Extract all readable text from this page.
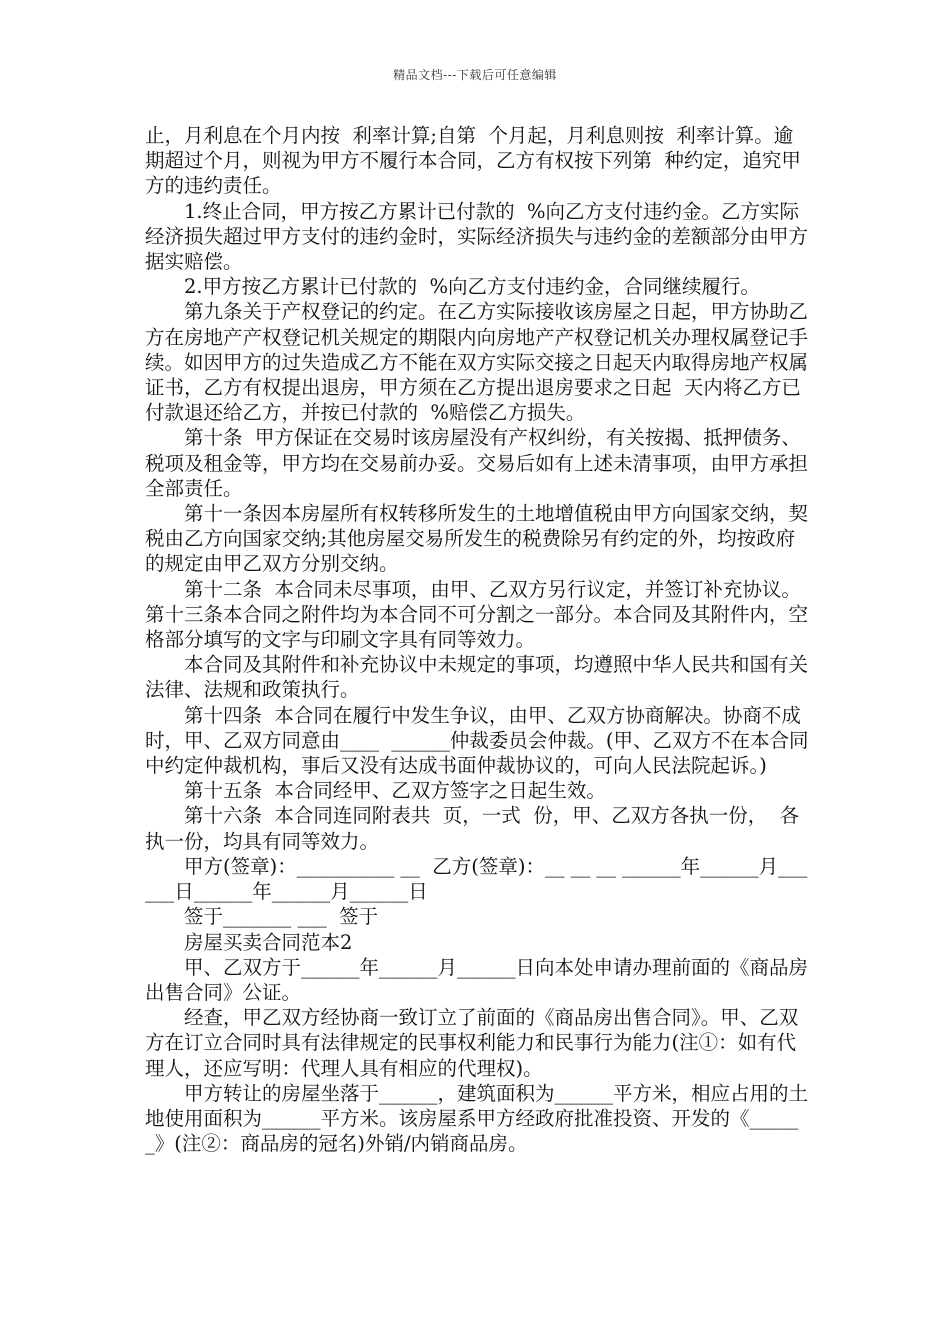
精品文档---下载后可任意编辑

止，月利息在个月内按  利率计算;自第  个月起，月利息则按  利率计算。逾期超过个月，则视为甲方不履行本合同，乙方有权按下列第  种约定，追究甲方的违约责任。

1.终止合同，甲方按乙方累计已付款的  %向乙方支付违约金。乙方实际经济损失超过甲方支付的违约金时，实际经济损失与违约金的差额部分由甲方据实赔偿。

2.甲方按乙方累计已付款的  %向乙方支付违约金，合同继续履行。

第九条关于产权登记的约定。在乙方实际接收该房屋之日起，甲方协助乙方在房地产产权登记机关规定的期限内向房地产产权登记机关办理权属登记手续。如因甲方的过失造成乙方不能在双方实际交接之日起天内取得房地产权属证书，乙方有权提出退房，甲方须在乙方提出退房要求之日起  天内将乙方已付款退还给乙方，并按已付款的  %赔偿乙方损失。

第十条  甲方保证在交易时该房屋没有产权纠纷，有关按揭、抵押债务、税项及租金等，甲方均在交易前办妥。交易后如有上述未清事项，由甲方承担全部责任。

第十一条因本房屋所有权转移所发生的土地增值税由甲方向国家交纳，契税由乙方向国家交纳;其他房屋交易所发生的税费除另有约定的外，均按政府的规定由甲乙双方分别交纳。

第十二条  本合同未尽事项，由甲、乙双方另行议定，并签订补充协议。  第十三条本合同之附件均为本合同不可分割之一部分。本合同及其附件内，空格部分填写的文字与印刷文字具有同等效力。

本合同及其附件和补充协议中未规定的事项，均遵照中华人民共和国有关法律、法规和政策执行。

第十四条  本合同在履行中发生争议，由甲、乙双方协商解决。协商不成时，甲、乙双方同意由____  ______仲裁委员会仲裁。(甲、乙双方不在本合同中约定仲裁机构，事后又没有达成书面仲裁协议的，可向人民法院起诉。)

第十五条  本合同经甲、乙双方签字之日起生效。

第十六条  本合同连同附表共  页，一式  份，甲、乙双方各执一份，  各执一份，均具有同等效力。

甲方(签章)：__________ __  乙方(签章)：__ __ __ ______年______月______日______年______月______日

签于_______ ___  签于

房屋买卖合同范本2

甲、乙双方于______年______月______日向本处申请办理前面的《商品房出售合同》公证。

经查，甲乙双方经协商一致订立了前面的《商品房出售合同》。甲、乙双方在订立合同时具有法律规定的民事权利能力和民事行为能力(注①：如有代理人，还应写明：代理人具有相应的代理权)。

甲方转让的房屋坐落于______，建筑面积为______平方米，相应占用的土地使用面积为______平方米。该房屋系甲方经政府批准投资、开发的《______》(注②：商品房的冠名)外销/内销商品房。
